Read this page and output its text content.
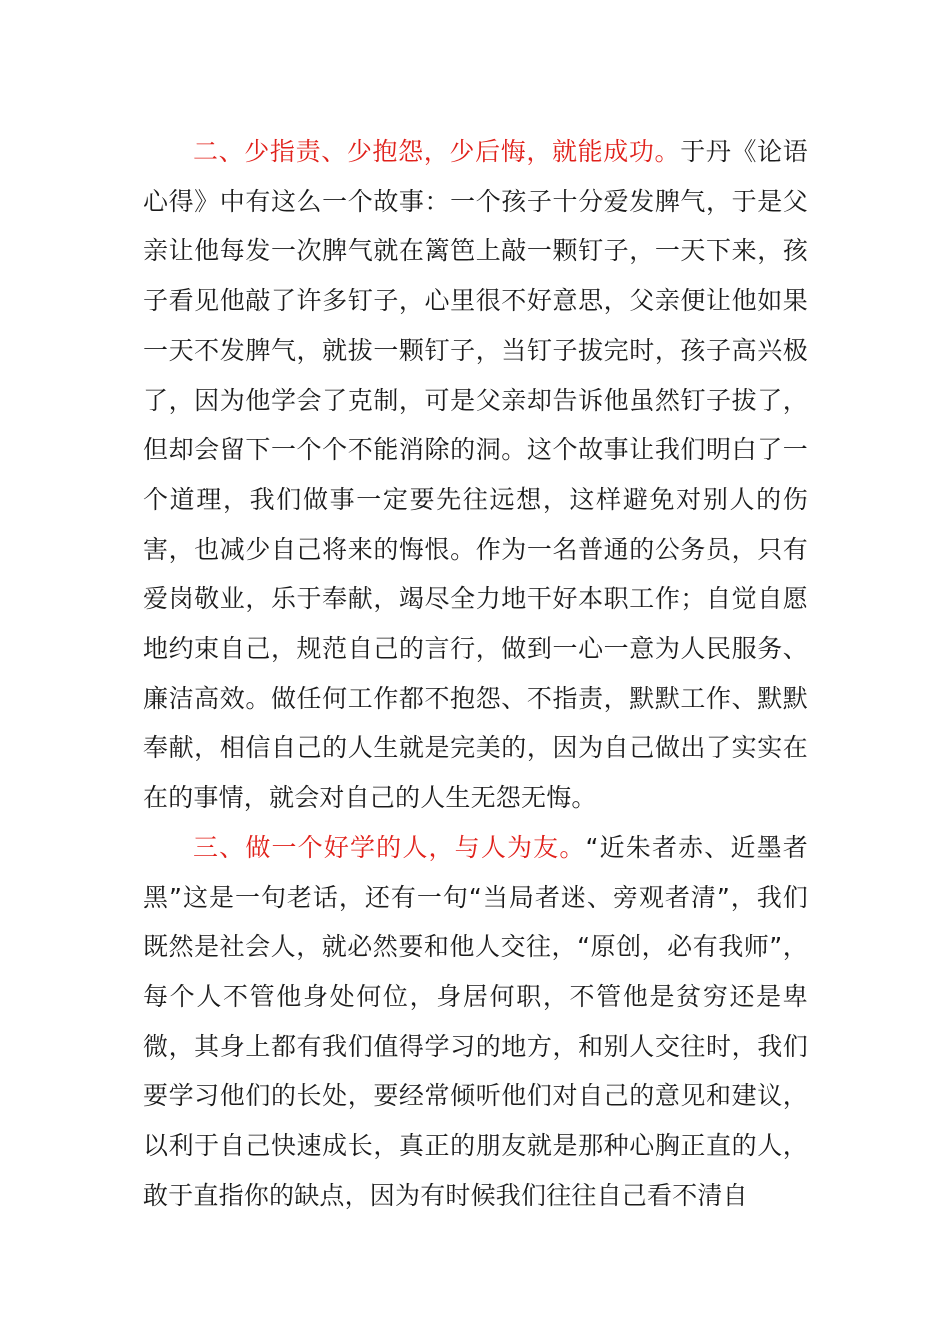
二、少指责、少抱怨，少后悔，就能成功。于丹《论语心得》中有这么一个故事：一个孩子十分爱发脾气，于是父亲让他每发一次脾气就在篱笆上敲一颗钉子，一天下来，孩子看见他敲了许多钉子，心里很不好意思，父亲便让他如果一天不发脾气，就拔一颗钉子，当钉子拔完时，孩子高兴极了，因为他学会了克制，可是父亲却告诉他虽然钉子拔了，但却会留下一个个不能消除的洞。这个故事让我们明白了一个道理，我们做事一定要先往远想，这样避免对别人的伤害，也减少自己将来的悔恨。作为一名普通的公务员，只有爱岗敬业，乐于奉献，竭尽全力地干好本职工作；自觉自愿地约束自己，规范自己的言行，做到一心一意为人民服务、廉洁高效。做任何工作都不抱怨、不指责，默默工作、默默奉献，相信自己的人生就是完美的，因为自己做出了实实在在的事情，就会对自己的人生无怨无悔。

三、做一个好学的人，与人为友。“近朱者赤、近墨者黑”这是一句老话，还有一句“当局者迷、旁观者清”，我们既然是社会人，就必然要和他人交往，“原创，必有我师”，每个人不管他身处何位，身居何职，不管他是贫穷还是卑微，其身上都有我们值得学习的地方，和别人交往时，我们要学习他们的长处，要经常倾听他们对自己的意见和建议，以利于自己快速成长，真正的朋友就是那种心胸正直的人，敢于直指你的缺点，因为有时候我们往往自己看不清自
